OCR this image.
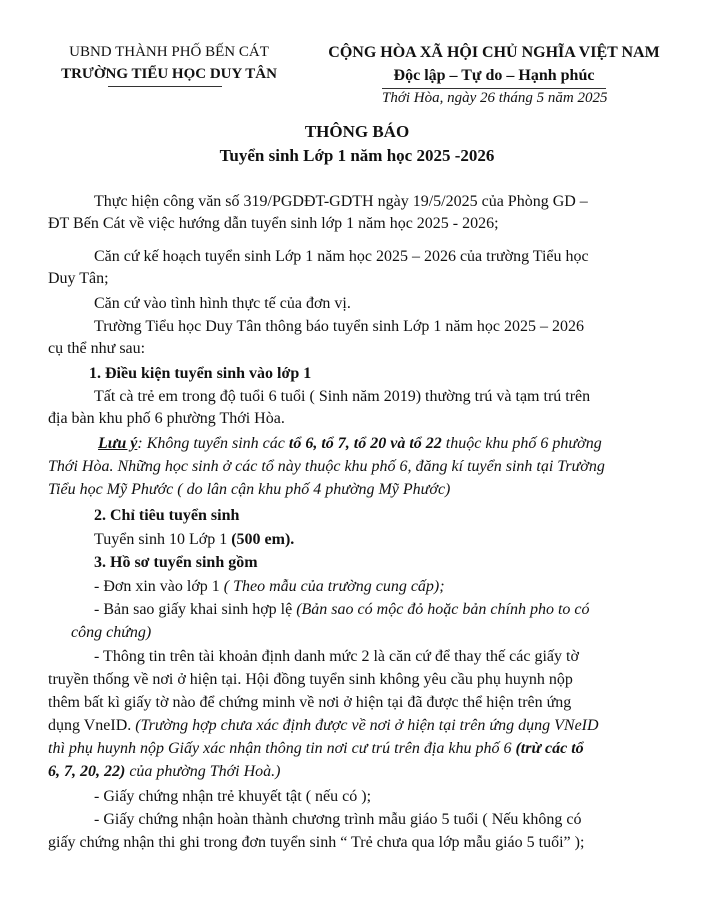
UBND THÀNH PHỐ BẾN CÁT
TRƯỜNG TIỂU HỌC DUY TÂN
CỘNG HÒA XÃ HỘI CHỦ NGHĨA VIỆT NAM
Độc lập – Tự do – Hạnh phúc
Thới Hòa, ngày 26 tháng 5 năm 2025
THÔNG BÁO
Tuyển sinh Lớp 1 năm học 2025 -2026
Thực hiện công văn số 319/PGDĐT-GDTH ngày 19/5/2025 của Phòng GD –
ĐT Bến Cát về việc hướng dẫn tuyển sinh lớp 1 năm học 2025 - 2026;
Căn cứ kế hoạch tuyển sinh Lớp 1 năm học 2025 – 2026 của trường Tiểu học
Duy Tân;
Căn cứ vào tình hình thực tế của đơn vị.
Trường Tiểu học Duy Tân thông báo tuyển sinh Lớp 1 năm học 2025 – 2026
cụ thể như sau:
1. Điều kiện tuyển sinh vào lớp 1
Tất cà trẻ em trong độ tuổi 6 tuổi ( Sinh năm 2019) thường trú và tạm trú trên
địa bàn khu phố 6 phường Thới Hòa.
Lưu ý: Không tuyển sinh các tổ 6, tổ 7, tổ 20 và tổ 22 thuộc khu phố 6 phường
Thới Hòa. Những học sinh ở các tổ này thuộc khu phố 6, đăng kí tuyển sinh tại Trường
Tiểu học Mỹ Phước ( do lân cận khu phố 4 phường Mỹ Phước)
2. Chỉ tiêu tuyển sinh
Tuyển sinh 10 Lớp 1 (500 em).
3. Hồ sơ tuyển sinh gồm
- Đơn xin vào lớp 1 ( Theo mẫu của trường cung cấp);
- Bản sao giấy khai sinh hợp lệ (Bản sao có mộc đỏ hoặc bản chính pho to có
công chứng)
- Thông tin trên tài khoản định danh mức 2 là căn cứ để thay thế các giấy tờ
truyền thống về nơi ở hiện tại. Hội đồng tuyển sinh không yêu cầu phụ huynh nộp
thêm bất kì giấy tờ nào để chứng minh về nơi ở hiện tại đã được thể hiện trên ứng
dụng VneID. (Trường hợp chưa xác định được về nơi ở hiện tại trên ứng dụng VNeID
thì phụ huynh nộp Giấy xác nhận thông tin nơi cư trú trên địa khu phố 6 (trừ các tổ
6, 7, 20, 22) của phường Thới Hoà.)
- Giấy chứng nhận trẻ khuyết tật ( nếu có );
- Giấy chứng nhận hoàn thành chương trình mẫu giáo 5 tuổi ( Nếu không có
giấy chứng nhận thi ghi trong đơn tuyển sinh “ Trẻ chưa qua lớp mẫu giáo 5 tuổi” );
